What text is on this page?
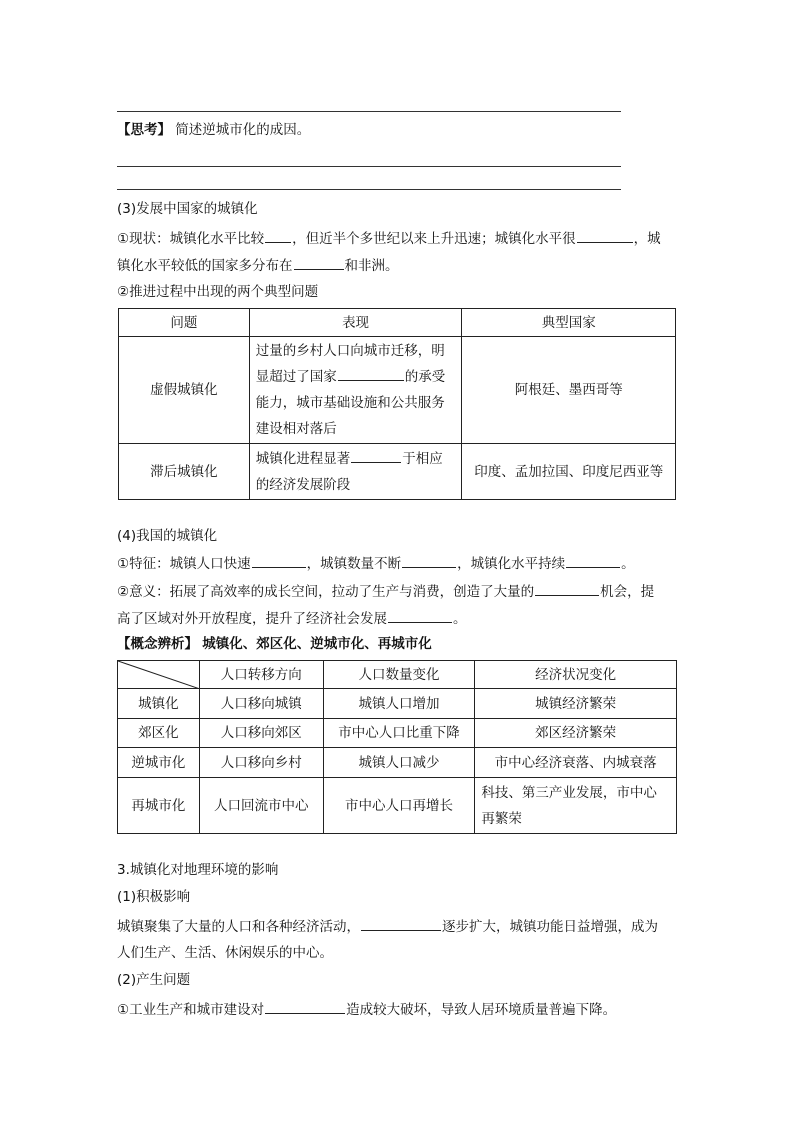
【思考】 简述逆城市化的成因。
(3)发展中国家的城镇化
①现状：城镇化水平比较 ，但近半个多世纪以来上升迅速；城镇化水平很	，城
镇化水平较低的国家多分布在	和非洲。
②推进过程中出现的两个典型问题
问题	表现	典型国家
虚假城镇化	过量的乡村人口向城市迁移，明
显超过了国家 的承受
能力，城市基础设施和公共服务
建设相对落后	阿根廷、墨西哥等
滞后城镇化	城镇化进程显著 于相应
的经济发展阶段	印度、孟加拉国、印度尼西亚等
(4)我国的城镇化
①特征：城镇人口快速	，城镇数量不断	，城镇化水平持续	。
②意义：拓展了高效率的成长空间，拉动了生产与消费，创造了大量的	机会，提
高了区域对外开放程度，提升了经济社会发展	。
【概念辨析】 城镇化、郊区化、逆城市化、再城市化
	人口转移方向	人口数量变化	经济状况变化
城镇化	人口移向城镇	城镇人口增加	城镇经济繁荣
郊区化	人口移向郊区	市中心人口比重下降	郊区经济繁荣
逆城市化	人口移向乡村	城镇人口减少	市中心经济衰落、内城衰落
再城市化	人口回流市中心	市中心人口再增长	科技、第三产业发展，市中心
再繁荣
3.城镇化对地理环境的影响
(1)积极影响
城镇聚集了大量的人口和各种经济活动，	逐步扩大，城镇功能日益增强，成为
人们生产、生活、休闲娱乐的中心。
(2)产生问题
①工业生产和城市建设对	造成较大破坏，导致人居环境质量普遍下降。
